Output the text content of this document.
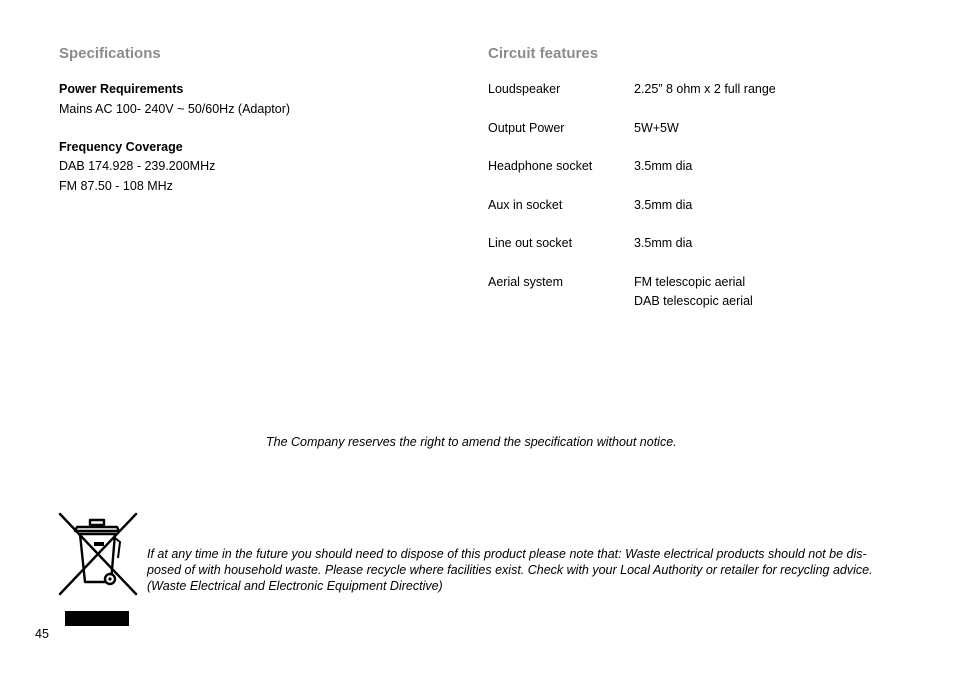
Specifications
Power Requirements
Mains AC 100- 240V ~ 50/60Hz (Adaptor)
Frequency Coverage
DAB 174.928 - 239.200MHz
FM 87.50 - 108 MHz
Circuit features
Loudspeaker	2.25” 8 ohm x 2 full range
Output Power	5W+5W
Headphone socket	3.5mm dia
Aux in socket	3.5mm dia
Line out socket	3.5mm dia
Aerial system	FM telescopic aerial
DAB telescopic aerial
The Company reserves the right to amend the specification without notice.
If at any time in the future you should need to dispose of this product please note that: Waste electrical products should not be dis-
posed of with household waste. Please recycle where facilities exist. Check with your Local Authority or retailer for recycling advice.
(Waste Electrical and Electronic Equipment Directive)
45
